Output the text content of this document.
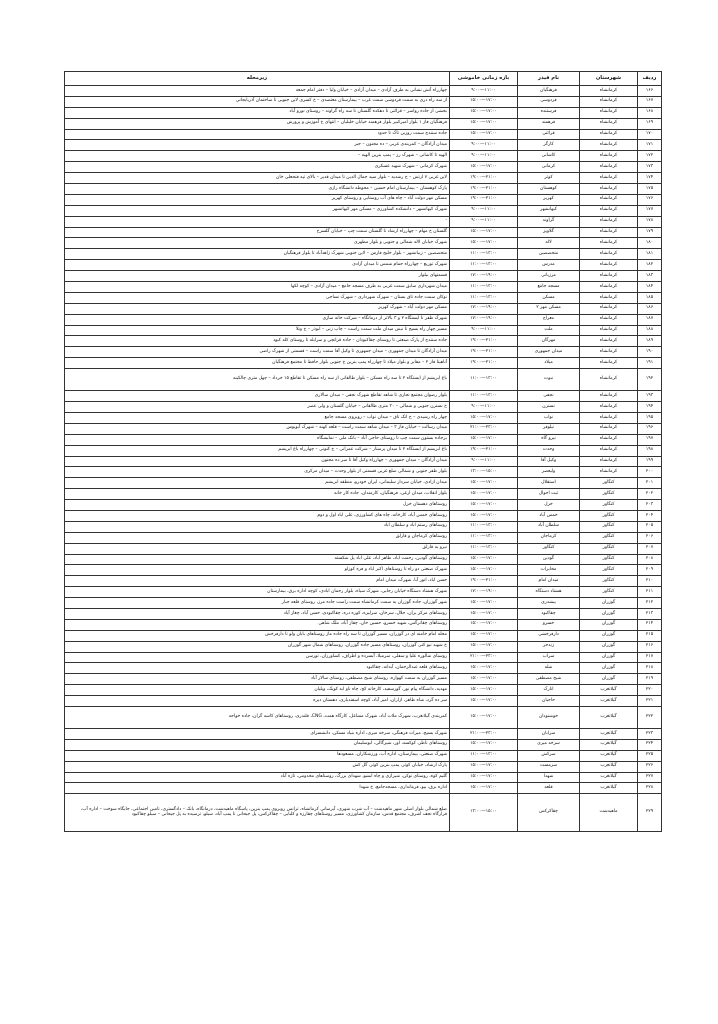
ردیف	شهرستان	نام فیدر	بازه زمانی خاموشی	زیرمحله
۱۶۶	کرمانشاه	فرهنگیان	۱۱:۰۰—۹:۰۰	چهارراه آتش نشانی به طرف آزادی – میدان آزادی – خیابان ولیا – دفتر امام جمعه
۱۶۷	کرمانشاه	فردوسی	۱۷:۰۰—۱۵:۰۰	از سه راه دری به سمت فردوسی سمت غرب – بیمارستان معتضدی – خ کسری لاین جنوبی تا ساختمان آذربایجانی
۱۶۸	کرمانشاه	فرستنده	۱۷:۰۰—۱۵:۰۰	بخشی از جاده رواسر – قرائتی تا دهکده گلستان تا سه راه گراوند – روستای نورو آباد
۱۶۹	کرمانشاه	فرهمند	۱۷:۰۰—۱۵:۰۰	فرهنگیان فاز ۱ بلوار امیرکبیر بلوار فرهمند خیابان خلیلیان – انتهای خ آموزش و پرورش
۱۷۰	کرمانشاه	قرائتی	۱۷:۰۰—۱۵:۰۰	جاده سنندج سمت روزبن تاک تا حدود
۱۷۱	کرمانشاه	کارگر	۱۱:۰۰—۹:۰۰	میدان آزادگان – کمربندی غربی – ده مجنون – جبر
۱۷۲	کرمانشاه	کاشانی	۱۱:۰۰—۹:۰۰	الهیه تا کاشانی – شهرک رز – پمپ بنزین الهیه –
۱۷۳	کرمانشاه	کرمانی	۱۷:۰۰—۱۵:۰۰	شهرک کرمانی – شهرک شهید عسکری
۱۷۴	کرمانشاه	کوثر	۲۱:۰۰—۱۹:۰۰	لاین غربی ۷ ارتش – خ رشدیه – بلوار سید جمال الدین تا میدان قدیر – بالای تپه فتحعلی خان
۱۷۵	کرمانشاه	کوهستان	۲۱:۰۰—۱۹:۰۰	پارک کوهستان – بیمارستان امام حسین – محوطه دانشگاه رازی
۱۷۶	کرمانشاه	کهریز	۲۱:۰۰—۱۹:۰۰	مسکن مهر دولت آباد – چاه های آب روستایی و روستای کهریز
۱۷۷	کرمانشاه	کیهانشهر	۱۱:۰۰—۹:۰۰	شهرک کیهانشهر – دانشکده کشاورزی – مسکن مهر کیهانشهر
۱۷۸	کرمانشاه	گراوند	۱۱:۰۰—۹:۰۰	-
۱۷۹	کرمانشاه	گلاویژ	۱۷:۰۰—۱۵:۰۰	گلستان خ مهام – چهارراه ارشاد تا گلستان سمت چپ – خیابان گلسرخ
۱۸۰	کرمانشاه	لاله	۱۷:۰۰—۱۵:۰۰	شهرک خیابان لاله شمالی و جنوبی و بلوار مطهری
۱۸۱	کرمانشاه	متخصصین	۱۳:۰۰—۱۱:۰۰	متخصصین – زیبانشهر – بلوار خلیج فارس – لاین جنوبی شهرک زاهدآباد تا بلوار فرهنگیان
۱۸۲	کرمانشاه	مدرس	۱۳:۰۰—۱۱:۰۰	شهرک توریع – چهارراه حمام شمس تا میدان آزادی
۱۸۳	کرمانشاه	مرزبانی	۱۹:۰۰—۱۷:۰۰	قسمتهای بیلوار
۱۸۴	کرمانشاه	مسجد جامع	۱۳:۰۰—۱۱:۰۰	میدان شهرداری سابق سمت غربی به طرف مسجد جامع – میدان آزادی – کوچه لکها
۱۸۵	کرمانشاه	مسکن	۱۳:۰۰—۱۱:۰۰	نوکان سمت جاده تاق بستان – شهرک شهرداری – شهرک نساجی
۱۸۶	کرمانشاه	مسکن مهر ۲	۱۹:۰۰—۱۷:۰۰	مسکن مهر دولت آباد – شهرک کهریز
۱۸۷	کرمانشاه	معراج	۱۹:۰۰—۱۷:۰۰	شهرک ظفر تا ایستگاه ۲ و ۳ بالاتر از درمانگاه – شرکت خانه سازی
۱۸۸	کرمانشاه	ملت	۱۱:۰۰—۹:۰۰	مسیر چهار راه بسیج تا نبش میدان ملت سمت راست – چاپ زنی – ابوذر – خ ونلا
۱۸۹	کرمانشاه	مهرگان	۲۱:۰۰—۱۹:۰۰	جاده سنندج از پارک صنعتی تا روستای چقاکبودان – جاده قزانچی و سرابله تا روستای کله کبود
۱۹۰	کرمانشاه	میدان جمهوری	۲۱:۰۰—۱۹:۰۰	میدان آزادگان تا میدان جمهوری – میدان جمهوری تا وکیل آقا سمت راست – قسمتی از شهرک راضی
۱۹۱	کرمانشاه	میلاد	۲۱:۰۰—۱۹:۰۰	آناهیتا فاز ۲ – مقابر و بلوار میلاد تا چهارراه پمپ بنزین خ جنوبی بلوار حافظ تا مجتمع فرهنگیان
۱۹۲	کرمانشاه	نبوت	۱۳:۰۰—۱۱:۰۰	باغ ابریشم از ایستگاه ۲ تا سه راه مسکن – بلوار طالقانی از سه راه مسکن تا تقاطع ۱۵ خرداد – چهل متری چالکینه
۱۹۳	کرمانشاه	نجفی	۱۳:۰۰—۱۱:۰۰	بلوار رضوان مجتمع تجاری تا شاهد تقاطع شهرک نجفی – میدان سالاری
۱۹۴	کرمانشاه	نسترن	۱۱:۰۰—۹:۰۰	خ نسترن جنوبی و شمالی – ۳۰ متری طالقانی – خیابان گلستان و ولی عصر
۱۹۵	کرمانشاه	نواب	۱۷:۰۰—۱۵:۰۰	چهار راه رشیدی – خ اتک تاق – میدان نواب – روبروی مسجد جامع
۱۹۶	کرمانشاه	نیلوفر	۲۳:۰۰—۲۱:۰۰	میدان رسالت – خیابان فاز ۳ – میدان شاهد سمت راست – قلعه کهنه – شهرک آبوبوس
۱۹۷	کرمانشاه	نیرو گاه	۱۷:۰۰—۱۵:۰۰	برجاده بستون سمت چپ تا روستای حاجی آباد – بانک ملی – نمایشگاه
۱۹۸	کرمانشاه	وحدت	۲۱:۰۰—۱۹:۰۰	باغ ابریشم از ایستگاه ۲ تا میدان پرستار – شرکت عمرانی – خ کنونی – چهارراه باغ ابریشم
۱۹۹	کرمانشاه	وکیل آقا	۱۱:۰۰—۹:۰۰	میدان آزادگان – میدان جمهوری – چهارراه وکیل آقا تا سر ده مجنون
۲۰۰	کرمانشاه	ولیعصر	۱۵:۰۰—۱۳:۰۰	بلوار ظفر جنوبی و شمالی ضلع غربی قسمتی از بلوار وحدت – میدان مرکزی
۲۰۱	کنگاور	استقلال	۱۷:۰۰—۱۵:۰۰	میدان ازادی، خیابان سردار سلیمانی، ایران خودرو، منطقه ابریشم
۲۰۲	کنگاور	ثبت احوال	۱۷:۰۰—۱۵:۰۰	بلوار انقلاب، میدان ارغی، فرهنگیان، کارمندان، جاده کار خانه
۲۰۳	کنگاور	خزل	۱۷:۰۰—۱۵:۰۰	روستاهای دهستان خزل
۲۰۴	کنگاور	خمس آباد	۱۷:۰۰—۱۵:۰۰	روستاهای خمس آباد، کارخانه، چاه های کشاورزی، علی اباد اول و دوم
۲۰۵	کنگاور	سلطان آباد	۱۳:۰۰—۱۱:۰۰	روستاهای رستم اباد و سلطان اباد
۲۰۶	کنگاور	کرماجان	۱۳:۰۰—۱۱:۰۰	روستاهای کرماجان و قارلق
۲۰۷	کنگاور	کنگاور	۱۳:۰۰—۱۱:۰۰	نیرو به قارلق
۲۰۸	کنگاور	گودین	۱۷:۰۰—۱۵:۰۰	روستاهای گودین، رحمت اباد، طاهر اباد، علی اباد پل شکسته
۲۰۹	کنگاور	مخابرات	۱۷:۰۰—۱۵:۰۰	شهرک صنعتی دو راه تا روستاهای اکبر اباد و فره کوزلو
۲۱۰	کنگاور	میدان امام	۲۱:۰۰—۱۹:۰۰	حسن اباد، انور آبا، شهرک، میدان امام
۲۱۱	کنگاور	هشتاد دستگاه	۱۹:۰۰—۱۷:۰۰	شهرک هشتاد دستگاه خیابان رجایی، شهرک سیاه، بلوار رحمان ابادی، کوچه اداره برق، بیمارستان
۲۱۲	گوزران	بیشدری	۱۷:۰۰—۱۵:۰۰	شهر گوزران، جاده گوزران به سمت کرمانشاه سمت راست جاده مرز، روستای قلعه جبار
۲۱۳	گوزران	چقاکبود	۱۷:۰۰—۱۵:۰۰	روستاهای مرکز بران، جلال، سرخان، سرلیزه، کوره دره، چقاکبودی، حسن آباد، چغاز آباد
۲۱۴	گوزران	خسرو	۱۷:۰۰—۱۵:۰۰	روستاهای چقانرگس، شهید خسرو، حسین خان، چقاز آباد، ملک شاهی
۲۱۵	گوزران	دارفرخشی	۱۷:۰۰—۱۵:۰۰	محله امام خامنه ای در گوزران، مسیر گوزران تا سه راه جاده ماز روستاهای بابان ولو تا دارفرخش
۲۱۶	گوزران	زندجر	۱۷:۰۰—۱۵:۰۰	خ شهید نیو کنی گوزران، روستاهای مسیر جاده گوزران، روستاهای شمال شهر گوزران
۲۱۷	گوزران	سراب	۲۳:۰۰—۲۱:۰۰	روستای شالوره علیا و سفلی، سرمیلا، آبسرده و اطراف، کشاورزان، تورسن
۲۱۸	گوزران	شله	۱۷:۰۰—۱۵:۰۰	روستاهای قلعه عبدالرحمان، آبدانه، چقاکبود
۲۱۹	گوزران	شیخ مصطفی	۱۷:۰۰—۱۵:۰۰	مسیر گوزران به سمت کهواره، روستای شیخ مصطفی، روستای سالار آباد
۲۲۰	گیلانغرب	انارک	۱۷:۰۰—۱۵:۰۰	مهدیه، دانشگاه پیام نور، گورسفید، کارخانه کچ، چاه ناو ابه کویک، ویلیان
۲۲۱	گیلانغرب	حاجیان	۱۷:۰۰—۱۵:۰۰	سر ده گرد، شاه طاهر، ازاران، امیر آباد، کوچه اسفندیاری، دهستان ديره
۲۲۲	گیلانغرب	خوشنودان	۱۷:۰۰—۱۵:۰۰	کمربندی گیلانغرب، شهرک ملات آباد، شهرک مشاغل، کارگاه همت، CNG، قلندری، روستاهای کاسه گران، جاده خواجه
۲۲۳	گیلانغرب	سرابان	۲۳:۰۰—۲۱:۰۰	شهرک بسیج، میراث فرهنگی، سرخه میری، اداره بنیاد مسکن، دانشسرای
۲۲۴	گیلانغرب	سرخه میری	۱۷:۰۰—۱۵:۰۰	روستاهای ناظر، کوکسه، اور، شیرگالی، ابوسلیمان
۲۲۵	گیلانغرب	سرکش	۱۳:۰۰—۱۱:۰۰	شهرک صنعتی، بیمارستان، اداره آب، ورزشکاران، مسعودها
۲۲۶	گیلانغرب	سرمست	۱۷:۰۰—۱۵:۰۰	پارک ارشاد، خیابان کوثر، پمپ بنزین کوثر، گل کش
۲۲۷	گیلانغرب	شهدا	۱۷:۰۰—۱۵:۰۰	گلیم کوه، روستای نوکن، شیرازی و چاه ابشو، شهدای بزرگ، روستاهای مخدومی، تازه آباد
۲۲۸	گیلانغرب	قلعه	۱۷:۰۰—۱۵:۰۰	اداره برق، بیو، فرمانداری، مسجدجامع، خ شهدا
۲۲۹	ماهیدشت	چقاکرکس	۱۵:۰۰—۱۳:۰۰	ضلع شمالی بلوار اصلی شهر ماهیدشت – آب شرب شهری، آبرسانی کرمانشاه، ترانس روبروی پمپ بنزین، پاسگاه ماهیدشت، درمانگاه، بانک – دادگستری، تامین اجتماعی، جایگاه سوخت – اداره آب، فرارگاه نجف اشرف، مجتمع قدس، سازمان کشاورزی، مسیر روستاهای چقارزه و کلبایی – چقاکرکس، پل جیحانی تا پمپ آباد، سیلو، ترسیده به پل جیحانی – سیلو چقاکبود
